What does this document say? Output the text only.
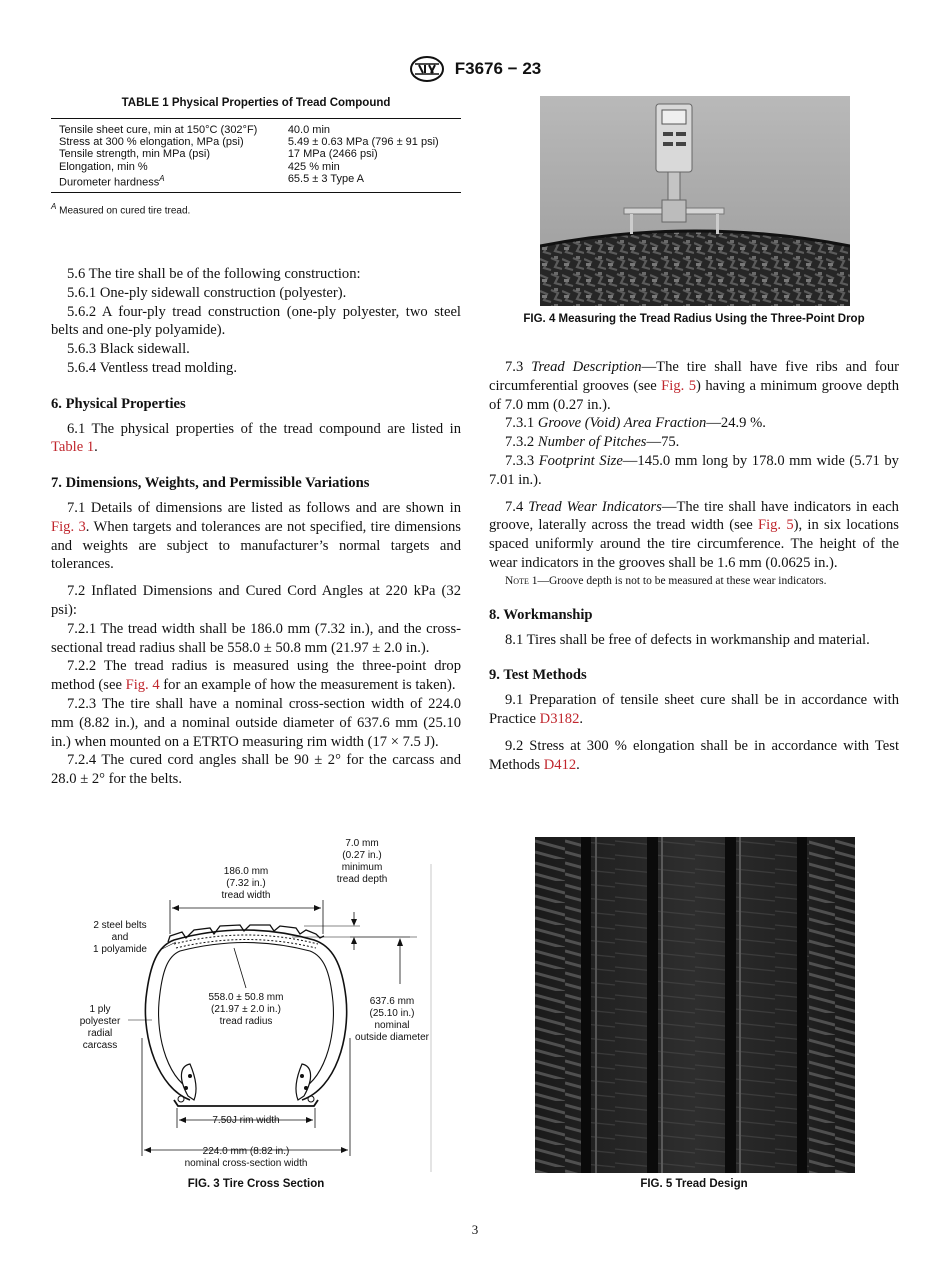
F3676 − 23
TABLE 1 Physical Properties of Tread Compound
Tensile sheet cure, min at 150°C (302°F)	40.0 min
Stress at 300 % elongation, MPa (psi)	5.49 ± 0.63 MPa (796 ± 91 psi)
Tensile strength, min MPa (psi)	17 MPa (2466 psi)
Elongation, min %	425 % min
Durometer hardness$^A$	65.5 ± 3 Type A
$^A$ Measured on cured tire tread.

5.6 The tire shall be of the following construction:

5.6.1 One-ply sidewall construction (polyester).

5.6.2 A four-ply tread construction (one-ply polyester, two steel belts and one-ply polyamide).

5.6.3 Black sidewall.

5.6.4 Ventless tread molding.

6. Physical Properties

6.1 The physical properties of the tread compound are listed in Table 1.

7. Dimensions, Weights, and Permissible Variations

7.1 Details of dimensions are listed as follows and are shown in Fig. 3. When targets and tolerances are not specified, tire dimensions and weights are subject to manufacturer’s normal targets and tolerances.

7.2 Inflated Dimensions and Cured Cord Angles at 220 kPa (32 psi):

7.2.1 The tread width shall be 186.0 mm (7.32 in.), and the cross-sectional tread radius shall be 558.0 ± 50.8 mm (21.97 ± 2.0 in.).

7.2.2 The tread radius is measured using the three-point drop method (see Fig. 4 for an example of how the measurement is taken).

7.2.3 The tire shall have a nominal cross-section width of 224.0 mm (8.82 in.), and a nominal outside diameter of 637.6 mm (25.10 in.) when mounted on a ETRTO measuring rim width (17 × 7.5 J).

7.2.4 The cured cord angles shall be 90 ± 2° for the carcass and 28.0 ± 2° for the belts.

FIG. 4 Measuring the Tread Radius Using the Three-Point Drop

7.3 Tread Description—The tire shall have five ribs and four circumferential grooves (see Fig. 5) having a minimum groove depth of 7.0 mm (0.27 in.).

7.3.1 Groove (Void) Area Fraction—24.9 %.

7.3.2 Number of Pitches—75.

7.3.3 Footprint Size—145.0 mm long by 178.0 mm wide (5.71 by 7.01 in.).

7.4 Tread Wear Indicators—The tire shall have indicators in each groove, laterally across the tread width (see Fig. 5), in six locations spaced uniformly around the tire circumference. The height of the wear indicators in the grooves shall be 1.6 mm (0.0625 in.).

Note 1—Groove depth is not to be measured at these wear indicators.

8. Workmanship

8.1 Tires shall be free of defects in workmanship and material.

9. Test Methods

9.1 Preparation of tensile sheet cure shall be in accordance with Practice D3182.

9.2 Stress at 300 % elongation shall be in accordance with Test Methods D412.

186.0 mm
(7.32 in.)
tread width
7.0 mm
(0.27 in.)
minimum
tread depth
2 steel belts
and
1 polyamide
558.0 ± 50.8 mm
(21.97 ± 2.0 in.)
tread radius
637.6 mm
(25.10 in.)
nominal
outside diameter
1 ply
polyester
radial
carcass
7.50J rim width
224.0 mm (8.82 in.)
nominal cross-section width
FIG. 3 Tire Cross Section	FIG. 5 Tread Design
3
